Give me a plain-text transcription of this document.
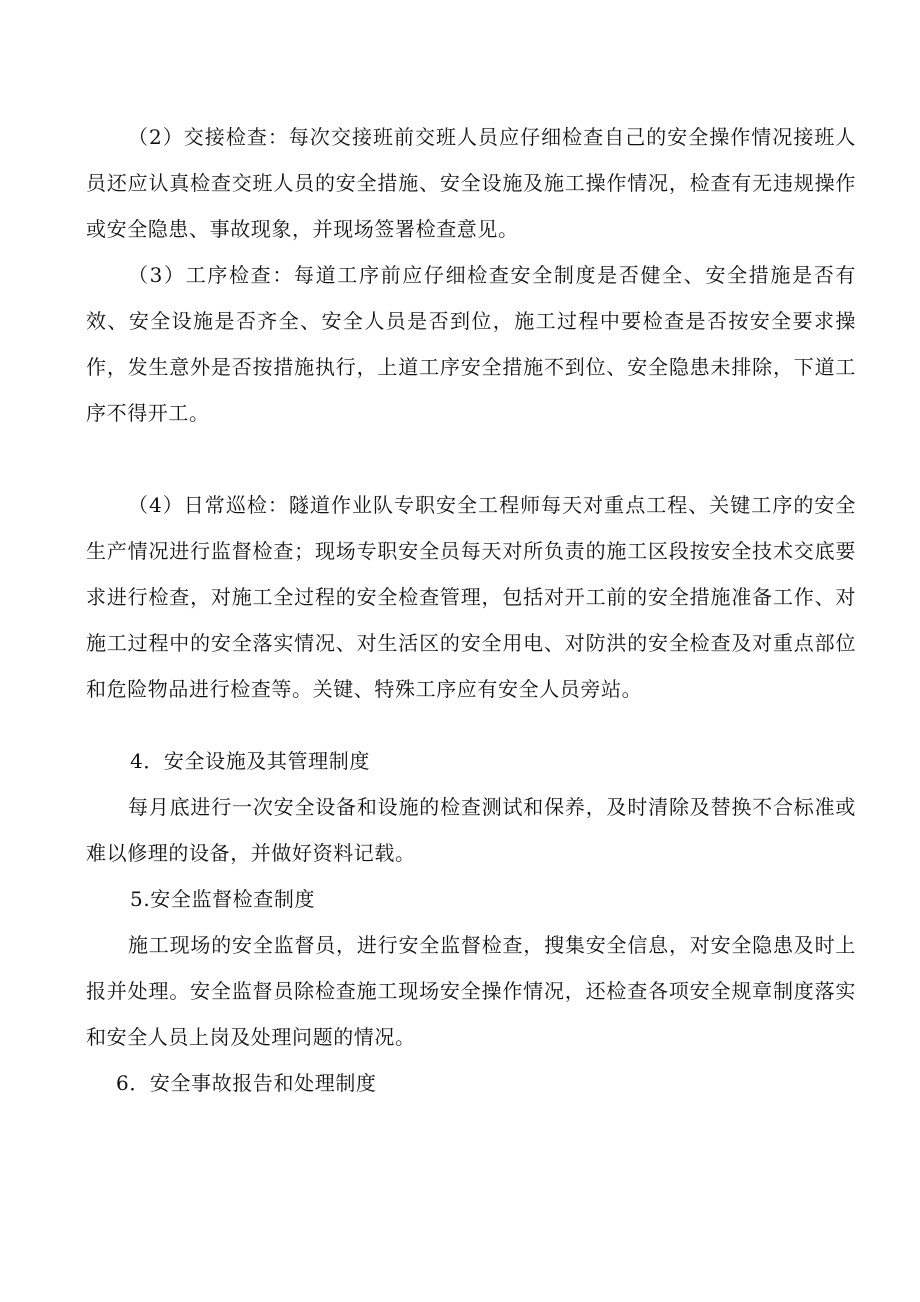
（2）交接检查：每次交接班前交班人员应仔细检查自己的安全操作情况接班人员还应认真检查交班人员的安全措施、安全设施及施工操作情况，检查有无违规操作或安全隐患、事故现象，并现场签署检查意见。

（3）工序检查：每道工序前应仔细检查安全制度是否健全、安全措施是否有效、安全设施是否齐全、安全人员是否到位，施工过程中要检查是否按安全要求操作，发生意外是否按措施执行，上道工序安全措施不到位、安全隐患未排除，下道工序不得开工。

（4）日常巡检：隧道作业队专职安全工程师每天对重点工程、关键工序的安全生产情况进行监督检查；现场专职安全员每天对所负责的施工区段按安全技术交底要求进行检查，对施工全过程的安全检查管理，包括对开工前的安全措施准备工作、对施工过程中的安全落实情况、对生活区的安全用电、对防洪的安全检查及对重点部位和危险物品进行检查等。关键、特殊工序应有安全人员旁站。

4．安全设施及其管理制度

每月底进行一次安全设备和设施的检查测试和保养，及时清除及替换不合标准或难以修理的设备，并做好资料记载。

5.安全监督检查制度

施工现场的安全监督员，进行安全监督检查，搜集安全信息，对安全隐患及时上报并处理。安全监督员除检查施工现场安全操作情况，还检查各项安全规章制度落实和安全人员上岗及处理问题的情况。

6．安全事故报告和处理制度
